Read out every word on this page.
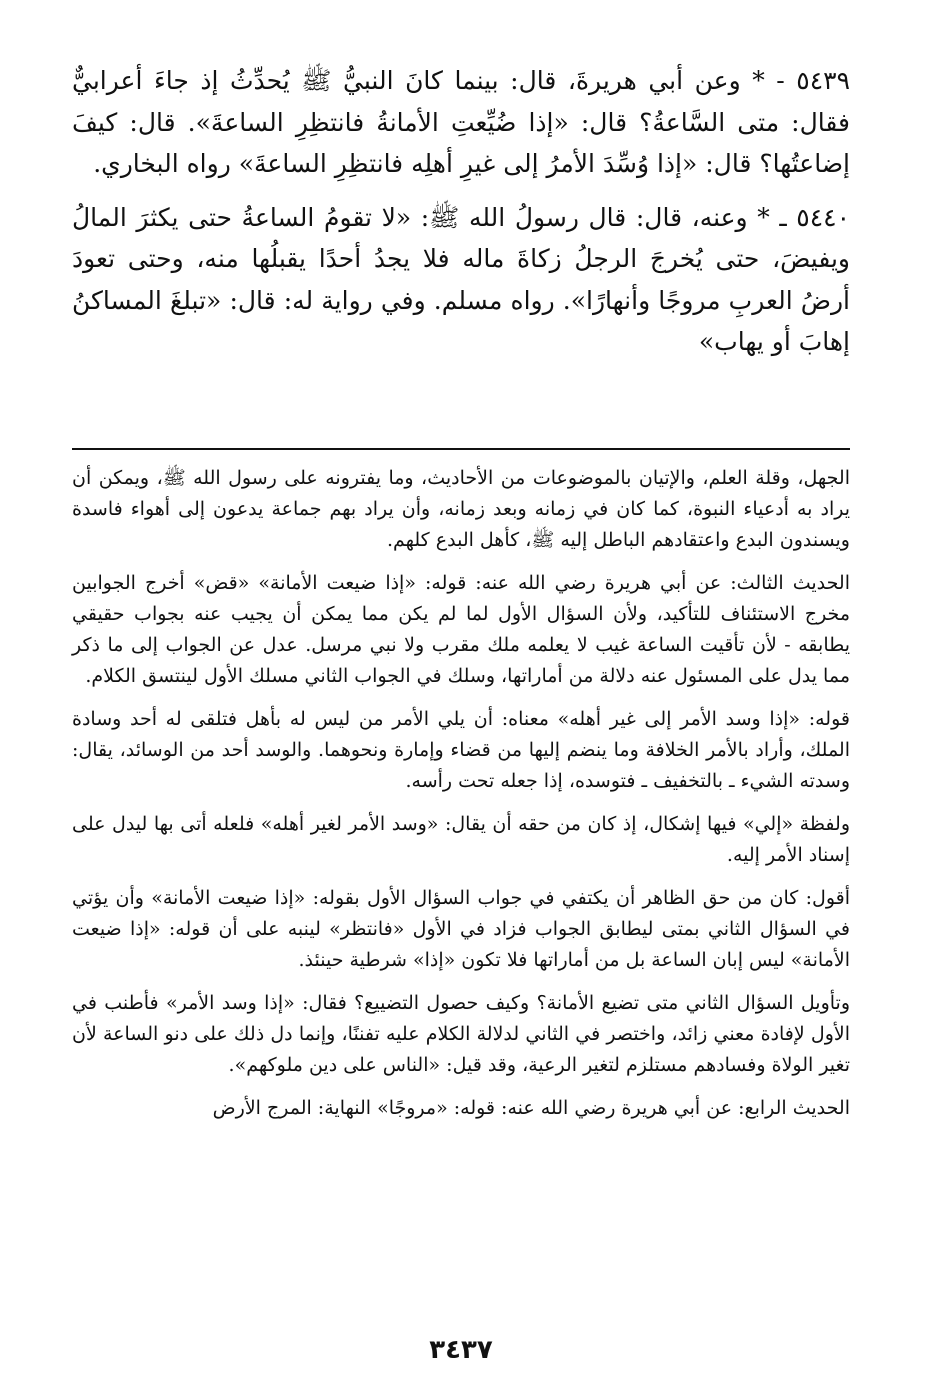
٥٤٣٩ - * وعن أبي هريرةَ، قال: بينما كانَ النبيُّ ﷺ يُحدِّثُ إذ جاءَ أعرابيٌّ فقال: متى السَّاعةُ؟ قال: «إذا ضُيِّعتِ الأمانةُ فانتظِرِ الساعةَ». قال: كيفَ إضاعتُها؟ قال: «إذا وُسِّدَ الأمرُ إلى غيرِ أهلِه فانتظِرِ الساعةَ» رواه البخاري.

٥٤٤٠ ـ * وعنه، قال: قال رسولُ الله ﷺ: «لا تقومُ الساعةُ حتى يكثرَ المالُ ويفيضَ، حتى يُخرجَ الرجلُ زكاةَ ماله فلا يجدُ أحدًا يقبلُها منه، وحتى تعودَ أرضُ العربِ مروجًا وأنهارًا». رواه مسلم. وفي رواية له: قال: «تبلغَ المساكنُ إهابَ أو يهاب»

الجهل، وقلة العلم، والإتيان بالموضوعات من الأحاديث، وما يفترونه على رسول الله ﷺ، ويمكن أن يراد به أدعياء النبوة، كما كان في زمانه وبعد زمانه، وأن يراد بهم جماعة يدعون إلى أهواء فاسدة ويسندون البدع واعتقادهم الباطل إليه ﷺ، كأهل البدع كلهم.

الحديث الثالث: عن أبي هريرة رضي الله عنه: قوله: «إذا ضيعت الأمانة» «قض» أخرج الجوابين مخرج الاستئناف للتأكيد، ولأن السؤال الأول لما لم يكن مما يمكن أن يجيب عنه بجواب حقيقي يطابقه - لأن تأقيت الساعة غيب لا يعلمه ملك مقرب ولا نبي مرسل. عدل عن الجواب إلى ما ذكر مما يدل على المسئول عنه دلالة من أماراتها، وسلك في الجواب الثاني مسلك الأول لينتسق الكلام.

قوله: «إذا وسد الأمر إلى غير أهله» معناه: أن يلي الأمر من ليس له بأهل فتلقى له أحد وسادة الملك، وأراد بالأمر الخلافة وما ينضم إليها من قضاء وإمارة ونحوهما. والوسد أحد من الوسائد، يقال: وسدته الشيء ـ بالتخفيف ـ فتوسده، إذا جعله تحت رأسه.

ولفظة «إلي» فيها إشكال، إذ كان من حقه أن يقال: «وسد الأمر لغير أهله» فلعله أتى بها ليدل على إسناد الأمر إليه.

أقول: كان من حق الظاهر أن يكتفي في جواب السؤال الأول بقوله: «إذا ضيعت الأمانة» وأن يؤتي في السؤال الثاني بمتى ليطابق الجواب فزاد في الأول «فانتظر» لينبه على أن قوله: «إذا ضيعت الأمانة» ليس إبان الساعة بل من أماراتها فلا تكون «إذا» شرطية حينئذ.

وتأويل السؤال الثاني متى تضيع الأمانة؟ وكيف حصول التضييع؟ فقال: «إذا وسد الأمر» فأطنب في الأول لإفادة معني زائد، واختصر في الثاني لدلالة الكلام عليه تفننًا، وإنما دل ذلك على دنو الساعة لأن تغير الولاة وفسادهم مستلزم لتغير الرعية، وقد قيل: «الناس على دين ملوكهم».

الحديث الرابع: عن أبي هريرة رضي الله عنه: قوله: «مروجًا» النهاية: المرج الأرض

٣٤٣٧
